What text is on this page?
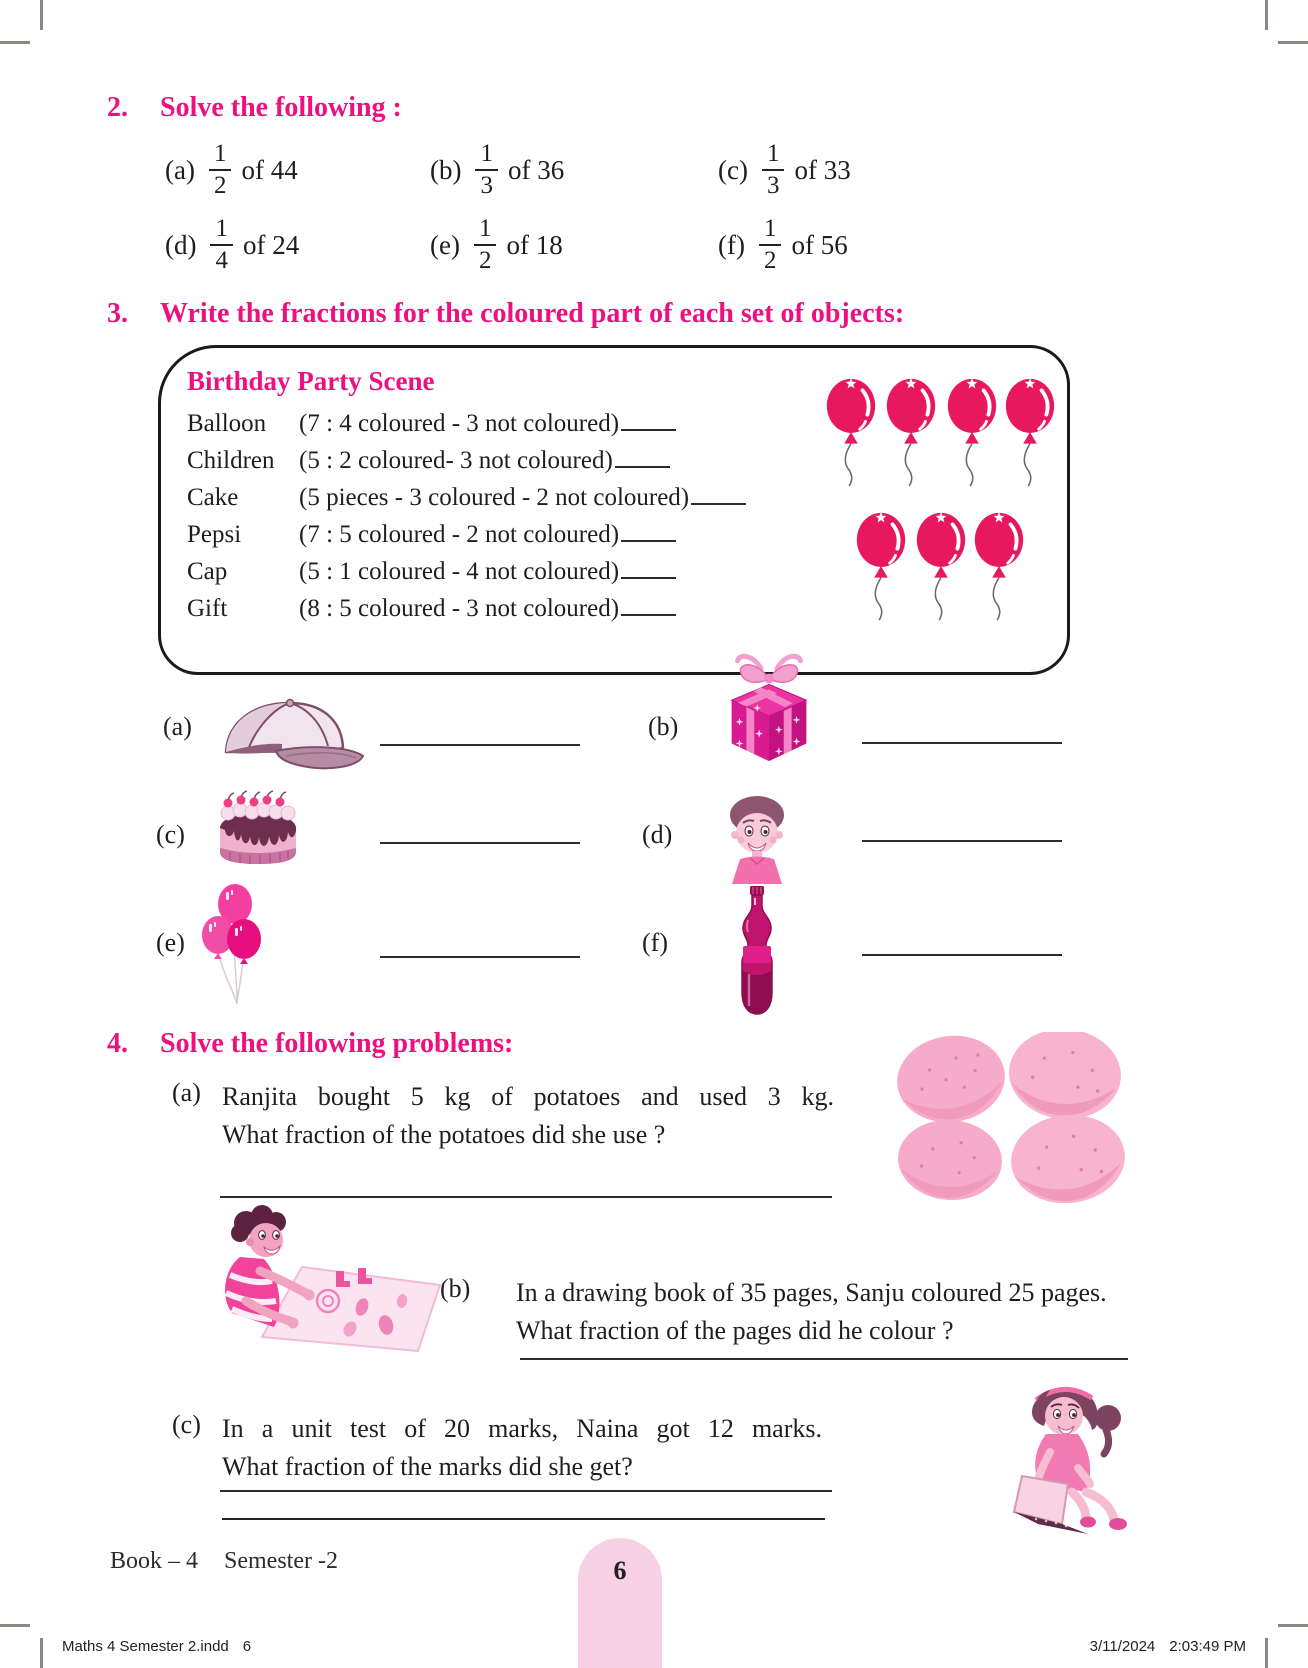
2. Solve the following :
$(a) \frac{1}{2}$ of 44	$(b) \frac{1}{3}$ of 36	$(c) \frac{1}{3}$ of 33
$(d) \frac{1}{4}$ of 24	$(e) \frac{1}{2}$ of 18	$(f) \frac{1}{2}$ of 56
3. Write the fractions for the coloured part of each set of objects:
Birthday Party Scene
Balloon	(7 : 4 coloured - 3 not coloured)
Children (5 : 2 coloured- 3 not coloured)
Cake	(5 pieces - 3 coloured - 2 not coloured)
Pepsi	(7 : 5 coloured - 2 not coloured)
Cap	(5 : 1 coloured - 4 not coloured)
Gift	(8 : 5 coloured - 3 not coloured)
(a)	(b)
(c)	(d)
(e)	(f)
4. Solve the following problems:
(a) Ranjita bought 5 kg of potatoes and used 3 kg.
What fraction of the potatoes did she use ?
(b) In a drawing book of 35 pages, Sanju coloured 25 pages.
What fraction of the pages did he colour ?
(c) In a unit test of 20 marks, Naina got 12 marks.
What fraction of the marks did she get?
Book – 4 Semester -2	6
Maths 4 Semester 2.indd 6	3/11/2024 2:03:49 PM
